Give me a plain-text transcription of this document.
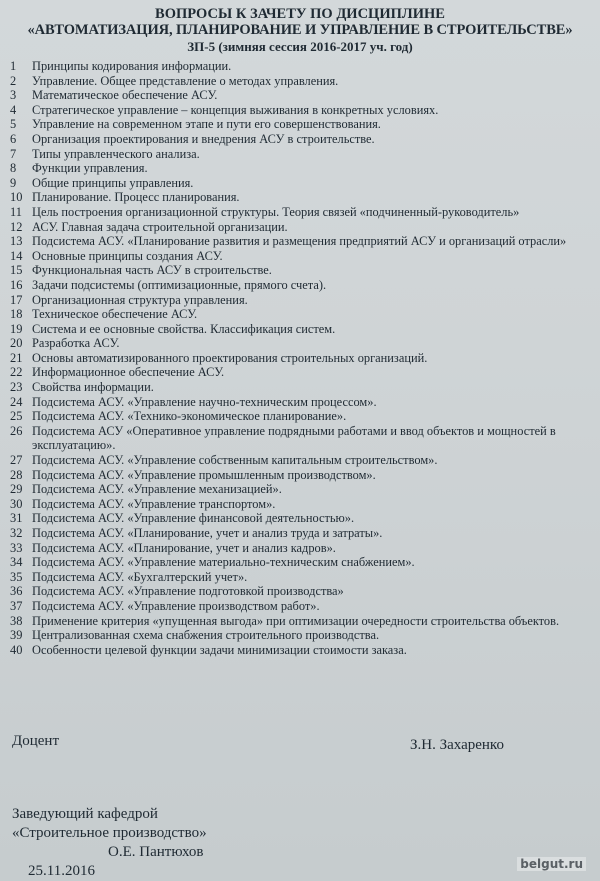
ВОПРОСЫ К ЗАЧЕТУ ПО ДИСЦИПЛИНЕ
«АВТОМАТИЗАЦИЯ, ПЛАНИРОВАНИЕ И УПРАВЛЕНИЕ В СТРОИТЕЛЬСТВЕ»
ЗП-5 (зимняя сессия 2016-2017 уч. год)
1	Принципы кодирования информации.
2	Управление. Общее представление о методах управления.
3	Математическое обеспечение АСУ.
4	Стратегическое управление – концепция выживания в конкретных условиях.
5	Управление на современном этапе и пути его совершенствования.
6	Организация проектирования и внедрения АСУ в строительстве.
7	Типы управленческого анализа.
8	Функции управления.
9	Общие принципы управления.
10 Планирование. Процесс планирования.
11 Цель построения организационной структуры. Теория связей «подчиненный-руководитель»
12 АСУ. Главная задача строительной организации.
13 Подсистема АСУ. «Планирование развития и размещения предприятий АСУ и организаций отрасли»
14 Основные принципы создания АСУ.
15 Функциональная часть АСУ в строительстве.
16 Задачи подсистемы (оптимизационные, прямого счета).
17 Организационная структура управления.
18 Техническое обеспечение АСУ.
19 Система и ее основные свойства. Классификация систем.
20 Разработка АСУ.
21 Основы автоматизированного проектирования строительных организаций.
22 Информационное обеспечение АСУ.
23 Свойства информации.
24 Подсистема АСУ. «Управление научно-техническим процессом».
25 Подсистема АСУ. «Технико-экономическое планирование».
26 Подсистема АСУ «Оперативное управление подрядными работами и ввод объектов и мощностей в эксплуатацию».
27 Подсистема АСУ. «Управление собственным капитальным строительством».
28 Подсистема АСУ. «Управление промышленным производством».
29 Подсистема АСУ. «Управление механизацией».
30 Подсистема АСУ. «Управление транспортом».
31 Подсистема АСУ. «Управление финансовой деятельностью».
32 Подсистема АСУ. «Планирование, учет и анализ труда и затраты».
33 Подсистема АСУ. «Планирование, учет и анализ кадров».
34 Подсистема АСУ. «Управление материально-техническим снабжением».
35 Подсистема АСУ. «Бухгалтерский учет».
36 Подсистема АСУ. «Управление подготовкой производства»
37 Подсистема АСУ. «Управление производством работ».
38 Применение критерия «упущенная выгода» при оптимизации очередности строительства объектов.
39 Централизованная схема снабжения строительного производства.
40 Особенности целевой функции задачи минимизации стоимости заказа.
Доцент	З.Н. Захаренко
Заведующий кафедрой
«Строительное производство»
О.Е. Пантюхов
25.11.2016	belgut.ru
